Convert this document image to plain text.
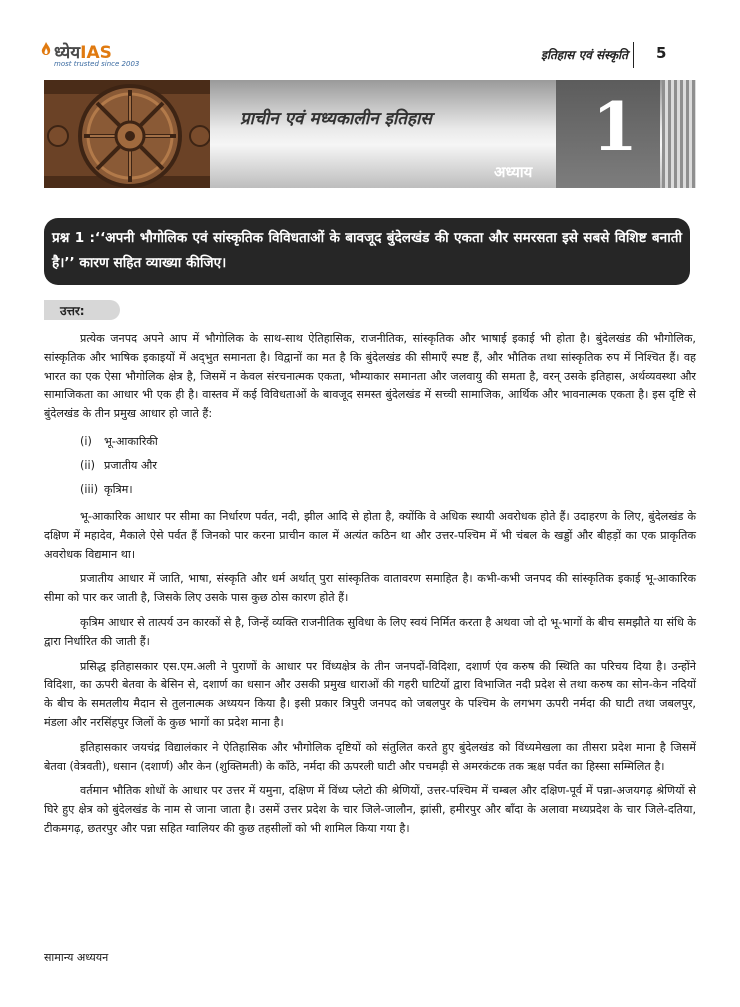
ध्येयIAS
most trusted since 2003
इतिहास एवं संस्कृति 5
प्राचीन एवं मध्यकालीन इतिहास 1
अध्याय

प्रश्न 1 :‘‘अपनी भौगोलिक एवं सांस्कृतिक विविधताओं के बावजूद बुंदेलखंड की एकता और समरसता इसे सबसे विशिष्ट बनाती है।’’ कारण सहित व्याख्या कीजिए।

उत्तर:

प्रत्येक जनपद अपने आप में भौगोलिक के साथ-साथ ऐतिहासिक, राजनीतिक, सांस्कृतिक और भाषाई इकाई भी होता है। बुंदेलखंड की भौगोलिक, सांस्कृतिक और भाषिक इकाइयों में अद्‌भुत समानता है। विद्वानों का मत है कि बुंदेलखंड की सीमाएँ स्पष्ट हैं, और भौतिक तथा सांस्कृतिक रुप में निश्चित हैं। वह भारत का एक ऐसा भौगोलिक क्षेत्र है, जिसमें न केवल संरचनात्मक एकता, भौम्याकार समानता और जलवायु की समता है, वरन् उसके इतिहास, अर्थव्यवस्था और सामाजिकता का आधार भी एक ही है। वास्तव में कई विविधताओं के बावजूद समस्त बुंदेलखंड में सच्ची सामाजिक, आर्थिक और भावनात्मक एकता है। इस दृष्टि से बुंदेलखंड के तीन प्रमुख आधार हो जाते हैं:

(i) भू-आकारिकी
(ii) प्रजातीय और
(iii) कृत्रिम।

भू-आकारिक आधार पर सीमा का निर्धारण पर्वत, नदी, झील आदि से होता है, क्योंकि वे अधिक स्थायी अवरोधक होते हैं। उदाहरण के लिए, बुंदेलखंड के दक्षिण में महादेव, मैकाले ऐसे पर्वत हैं जिनको पार करना प्राचीन काल में अत्यंत कठिन था और उत्तर-पश्चिम में भी चंबल के खड्डों और बीहड़ों का एक प्राकृतिक अवरोधक विद्यमान था।

प्रजातीय आधार में जाति, भाषा, संस्कृति और धर्म अर्थात् पुरा सांस्कृतिक वातावरण समाहित है। कभी-कभी जनपद की सांस्कृतिक इकाई भू-आकारिक सीमा को पार कर जाती है, जिसके लिए उसके पास कुछ ठोस कारण होते हैं।

कृत्रिम आधार से तात्पर्य उन कारकों से है, जिन्हें व्यक्ति राजनीतिक सुविधा के लिए स्वयं निर्मित करता है अथवा जो दो भू-भागों के बीच समझौते या संधि के द्वारा निर्धारित की जाती हैं।

प्रसिद्ध इतिहासकार एस.एम.अली ने पुराणों के आधार पर विंध्यक्षेत्र के तीन जनपदों-विदिशा, दशार्ण एंव करुष की स्थिति का परिचय दिया है। उन्होंने विदिशा, का ऊपरी बेतवा के बेसिन से, दशार्ण का धसान और उसकी प्रमुख धाराओं की गहरी घाटियों द्वारा विभाजित नदी प्रदेश से तथा करुष का सोन-केन नदियों के बीच के समतलीय मैदान से तुलनात्मक अध्ययन किया है। इसी प्रकार त्रिपुरी जनपद को जबलपुर के पश्चिम के लगभग ऊपरी नर्मदा की घाटी तथा जबलपुर, मंडला और नरसिंहपुर जिलों के कुछ भागों का प्रदेश माना है।

इतिहासकार जयचंद्र विद्यालंकार ने ऐतिहासिक और भौगोलिक दृष्टियों को संतुलित करते हुए बुंदेलखंड को विंध्यमेखला का तीसरा प्रदेश माना है जिसमें बेतवा (वेत्रवती), धसान (दशार्ण) और केन (शुक्तिमती) के काँठे, नर्मदा की ऊपरली घाटी और पचमढ़ी से अमरकंटक तक ऋक्ष पर्वत का हिस्सा सम्मिलित है।

वर्तमान भौतिक शोधों के आधार पर उत्तर में यमुना, दक्षिण में विंध्य प्लेटो की श्रेणियों, उत्तर-पश्चिम में चम्बल और दक्षिण-पूर्व में पन्ना-अजयगढ़ श्रेणियों से घिरे हुए क्षेत्र को बुंदेलखंड के नाम से जाना जाता है। उसमें उत्तर प्रदेश के चार जिले-जालौन, झांसी, हमीरपुर और बाँदा के अलावा मध्यप्रदेश के चार जिले-दतिया, टीकमगढ़, छतरपुर और पन्ना सहित ग्वालियर की कुछ तहसीलों को भी शामिल किया गया है।

सामान्य अध्ययन
